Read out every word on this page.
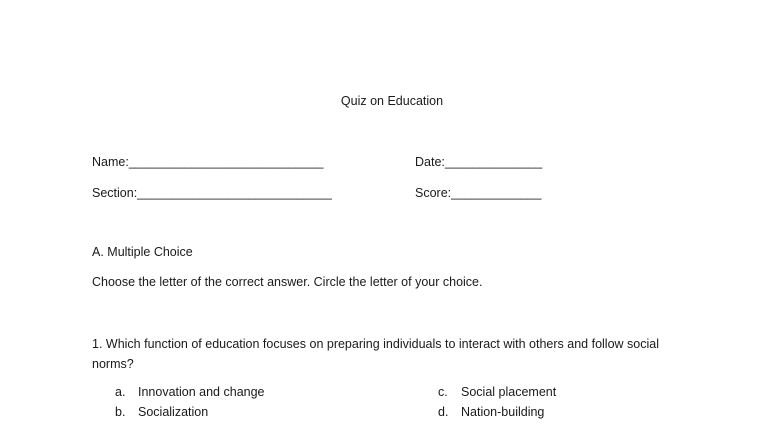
Quiz on Education
Name:____________________________	Date:______________
Section:____________________________	Score:_____________
A. Multiple Choice
Choose the letter of the correct answer. Circle the letter of your choice.
1. Which function of education focuses on preparing individuals to interact with others and follow social norms?
a. Innovation and change
b. Socialization
c. Social placement
d. Nation-building
